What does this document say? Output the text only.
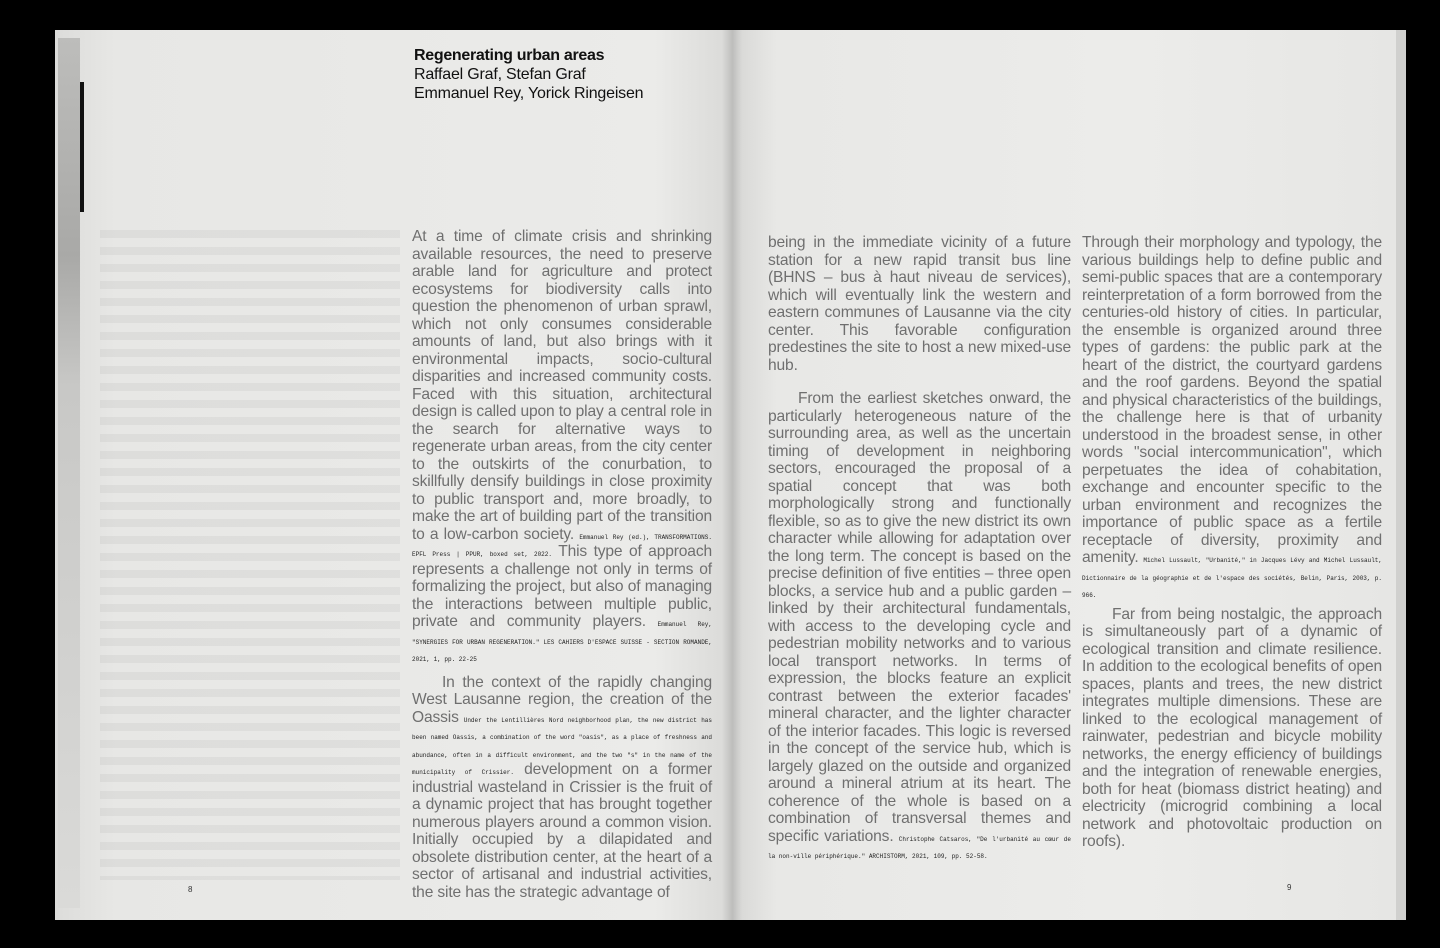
Regenerating urban areas
Raffael Graf, Stefan Graf
Emmanuel Rey, Yorick Ringeisen

At a time of climate crisis and shrinking available resources, the need to preserve arable land for agriculture and protect ecosystems for biodiversity calls into question the phenomenon of urban sprawl, which not only consumes considerable amounts of land, but also brings with it environmental impacts, socio-cultural disparities and increased community costs. Faced with this situation, architectural design is called upon to play a central role in the search for alternative ways to regenerate urban areas, from the city center to the outskirts of the conurbation, to skillfully densify buildings in close proximity to public transport and, more broadly, to make the art of building part of the transition to a low-carbon society. Emmanuel Rey (ed.), TRANSFORMATIONS. EPFL Press | PPUR, boxed set, 2022. This type of approach represents a challenge not only in terms of formalizing the project, but also of managing the interactions between multiple public, private and community players. Emmanuel Rey, "SYNERGIES FOR URBAN REGENERATION." LES CAHIERS D'ESPACE SUISSE - SECTION ROMANDE, 2021, 1, pp. 22-25

In the context of the rapidly changing West Lausanne region, the creation of the Oassis Under the Lentillières Nord neighborhood plan, the new district has been named Oassis, a combination of the word "oasis", as a place of freshness and abundance, often in a difficult environment, and the two "s" in the name of the municipality of Crissier. development on a former industrial wasteland in Crissier is the fruit of a dynamic project that has brought together numerous players around a common vision. Initially occupied by a dilapidated and obsolete distribution center, at the heart of a sector of artisanal and industrial activities, the site has the strategic advantage of

being in the immediate vicinity of a future station for a new rapid transit bus line (BHNS – bus à haut niveau de services), which will eventually link the western and eastern communes of Lausanne via the city center. This favorable configuration predestines the site to host a new mixed-use hub.

From the earliest sketches onward, the particularly heterogeneous nature of the surrounding area, as well as the uncertain timing of development in neighboring sectors, encouraged the proposal of a spatial concept that was both morphologically strong and functionally flexible, so as to give the new district its own character while allowing for adaptation over the long term. The concept is based on the precise definition of five entities – three open blocks, a service hub and a public garden – linked by their architectural fundamentals, with access to the developing cycle and pedestrian mobility networks and to various local transport networks. In terms of expression, the blocks feature an explicit contrast between the exterior facades' mineral character, and the lighter character of the interior facades. This logic is reversed in the concept of the service hub, which is largely glazed on the outside and organized around a mineral atrium at its heart. The coherence of the whole is based on a combination of transversal themes and specific variations. Christophe Catsaros, "De l'urbanité au cœur de la non-ville périphérique." ARCHISTORM, 2021, 109, pp. 52-58.

Through their morphology and typology, the various buildings help to define public and semi-public spaces that are a contemporary reinterpretation of a form borrowed from the centuries-old history of cities. In particular, the ensemble is organized around three types of gardens: the public park at the heart of the district, the courtyard gardens and the roof gardens. Beyond the spatial and physical characteristics of the buildings, the challenge here is that of urbanity understood in the broadest sense, in other words "social intercommunication", which perpetuates the idea of cohabitation, exchange and encounter specific to the urban environment and recognizes the importance of public space as a fertile receptacle of diversity, proximity and amenity. Michel Lussault, "Urbanité," in Jacques Lévy and Michel Lussault, Dictionnaire de la géographie et de l'espace des sociétés, Belin, Paris, 2003, p. 966.

Far from being nostalgic, the approach is simultaneously part of a dynamic of ecological transition and climate resilience. In addition to the ecological benefits of open spaces, plants and trees, the new district integrates multiple dimensions. These are linked to the ecological management of rainwater, pedestrian and bicycle mobility networks, the energy efficiency of buildings and the integration of renewable energies, both for heat (biomass district heating) and electricity (microgrid combining a local network and photovoltaic production on roofs).

8	9
